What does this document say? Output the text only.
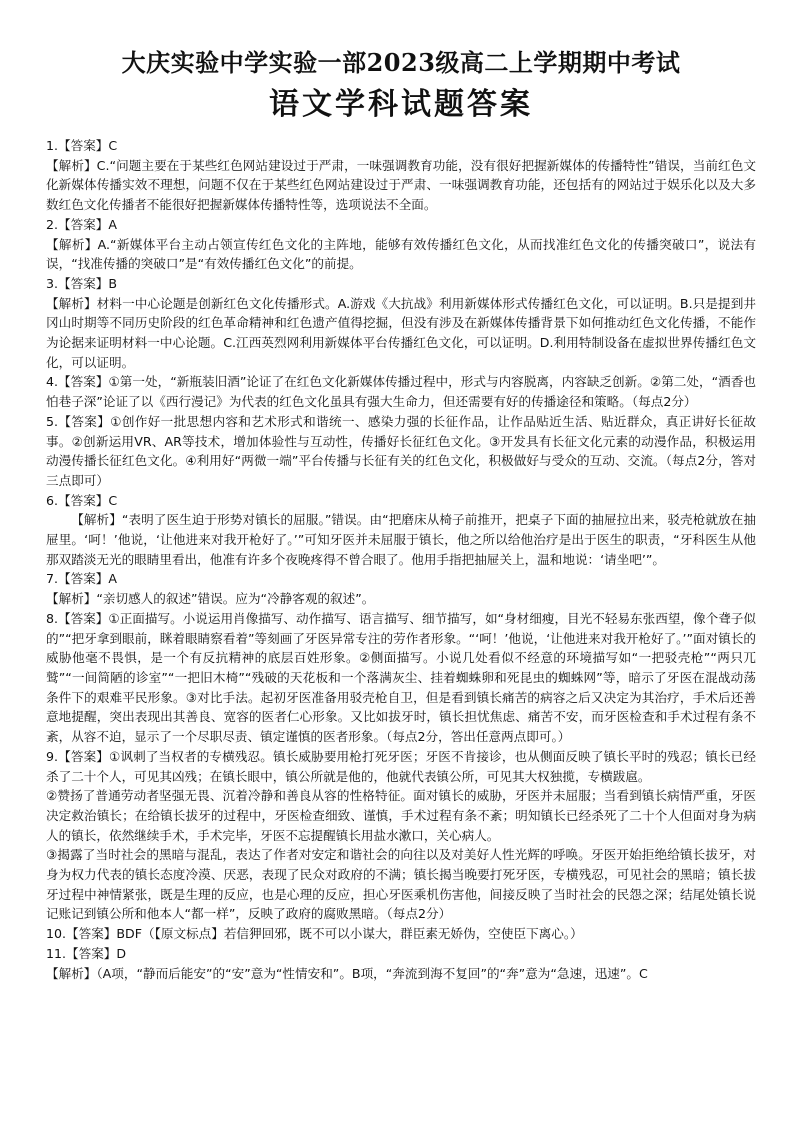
大庆实验中学实验一部2023级高二上学期期中考试
语文学科试题答案

1.【答案】C

【解析】C.“问题主要在于某些红色网站建设过于严肃，一味强调教育功能，没有很好把握新媒体的传播特性”错误，当前红色文化新媒体传播实效不理想，问题不仅在于某些红色网站建设过于严肃、一味强调教育功能，还包括有的网站过于娱乐化以及大多数红色文化传播者不能很好把握新媒体传播特性等，选项说法不全面。

2.【答案】A

【解析】A.“新媒体平台主动占领宣传红色文化的主阵地，能够有效传播红色文化，从而找准红色文化的传播突破口”，说法有误，“找准传播的突破口”是“有效传播红色文化”的前提。

3.【答案】B

【解析】材料一中心论题是创新红色文化传播形式。A.游戏《大抗战》利用新媒体形式传播红色文化，可以证明。B.只是提到井冈山时期等不同历史阶段的红色革命精神和红色遗产值得挖掘，但没有涉及在新媒体传播背景下如何推动红色文化传播，不能作为论据来证明材料一中心论题。C.江西英烈网利用新媒体平台传播红色文化，可以证明。D.利用特制设备在虚拟世界传播红色文化，可以证明。

4.【答案】①第一处，“新瓶装旧酒”论证了在红色文化新媒体传播过程中，形式与内容脱离，内容缺乏创新。②第二处，“酒香也怕巷子深”论证了以《西行漫记》为代表的红色文化虽具有强大生命力，但还需要有好的传播途径和策略。（每点2分）

5.【答案】①创作好一批思想内容和艺术形式和谐统一、感染力强的长征作品，让作品贴近生活、贴近群众，真正讲好长征故事。②创新运用VR、AR等技术，增加体验性与互动性，传播好长征红色文化。③开发具有长征文化元素的动漫作品，积极运用动漫传播长征红色文化。④利用好“两微一端”平台传播与长征有关的红色文化，积极做好与受众的互动、交流。（每点2分，答对三点即可）

6.【答案】C

【解析】“表明了医生迫于形势对镇长的屈服。”错误。由“把磨床从椅子前推开，把桌子下面的抽屉拉出来，驳壳枪就放在抽屉里。‘呵！’他说，‘让他进来对我开枪好了。’”可知牙医并未屈服于镇长，他之所以给他治疗是出于医生的职责，“牙科医生从他那双踏淡无光的眼睛里看出，他准有许多个夜晚疼得不曾合眼了。他用手指把抽屉关上，温和地说：‘请坐吧’”。

7.【答案】A

【解析】“亲切感人的叙述”错误。应为“冷静客观的叙述”。

8.【答案】①正面描写。小说运用肖像描写、动作描写、语言描写、细节描写，如“身材细瘦，目光不轻易东张西望，像个聋子似的”“把牙拿到眼前，眯着眼睛察看着”等刻画了牙医异常专注的劳作者形象。“‘呵！’他说，‘让他进来对我开枪好了。’”面对镇长的威胁他毫不畏惧，是一个有反抗精神的底层百姓形象。②侧面描写。小说几处看似不经意的环境描写如“一把驳壳枪”“两只兀鹫”“一间简陋的诊室”“一把旧木椅”“残破的天花板和一个落满灰尘、挂着蜘蛛卵和死昆虫的蜘蛛网”等，暗示了牙医在混战动荡条件下的艰难平民形象。③对比手法。起初牙医准备用驳壳枪自卫，但是看到镇长痛苦的病容之后又决定为其治疗，手术后还善意地提醒，突出表现出其善良、宽容的医者仁心形象。又比如拔牙时，镇长担忧焦虑、痛苦不安，而牙医检查和手术过程有条不紊，从容不迫，显示了一个尽职尽责、镇定谨慎的医者形象。（每点2分，答出任意两点即可。）

9.【答案】①讽刺了当权者的专横残忍。镇长威胁要用枪打死牙医；牙医不肯接诊，也从侧面反映了镇长平时的残忍；镇长已经杀了二十个人，可见其凶残；在镇长眼中，镇公所就是他的，他就代表镇公所，可见其大权独揽，专横跋扈。

②赞扬了普通劳动者坚强无畏、沉着冷静和善良从容的性格特征。面对镇长的威胁，牙医并未屈服；当看到镇长病情严重，牙医决定救治镇长；在给镇长拔牙的过程中，牙医检查细致、谨慎，手术过程有条不紊；明知镇长已经杀死了二十个人但面对身为病人的镇长，依然继续手术，手术完毕，牙医不忘提醒镇长用盐水漱口，关心病人。

③揭露了当时社会的黑暗与混乱，表达了作者对安定和谐社会的向往以及对美好人性光辉的呼唤。牙医开始拒绝给镇长拔牙，对身为权力代表的镇长态度冷漠、厌恶，表现了民众对政府的不满；镇长揭当晚要打死牙医，专横残忍，可见社会的黑暗；镇长拔牙过程中神情紧张，既是生理的反应，也是心理的反应，担心牙医乘机伤害他，间接反映了当时社会的民怨之深；结尾处镇长说记账记到镇公所和他本人“都一样”，反映了政府的腐败黑暗。（每点2分）

10.【答案】BDF（【原文标点】若信狎回邪，既不可以小谋大，群臣素无娇伪，空使臣下离心。）

11.【答案】D

【解析】（A项，“静而后能安”的“安”意为“性情安和”。B项，“奔流到海不复回”的“奔”意为“急速，迅速”。C
